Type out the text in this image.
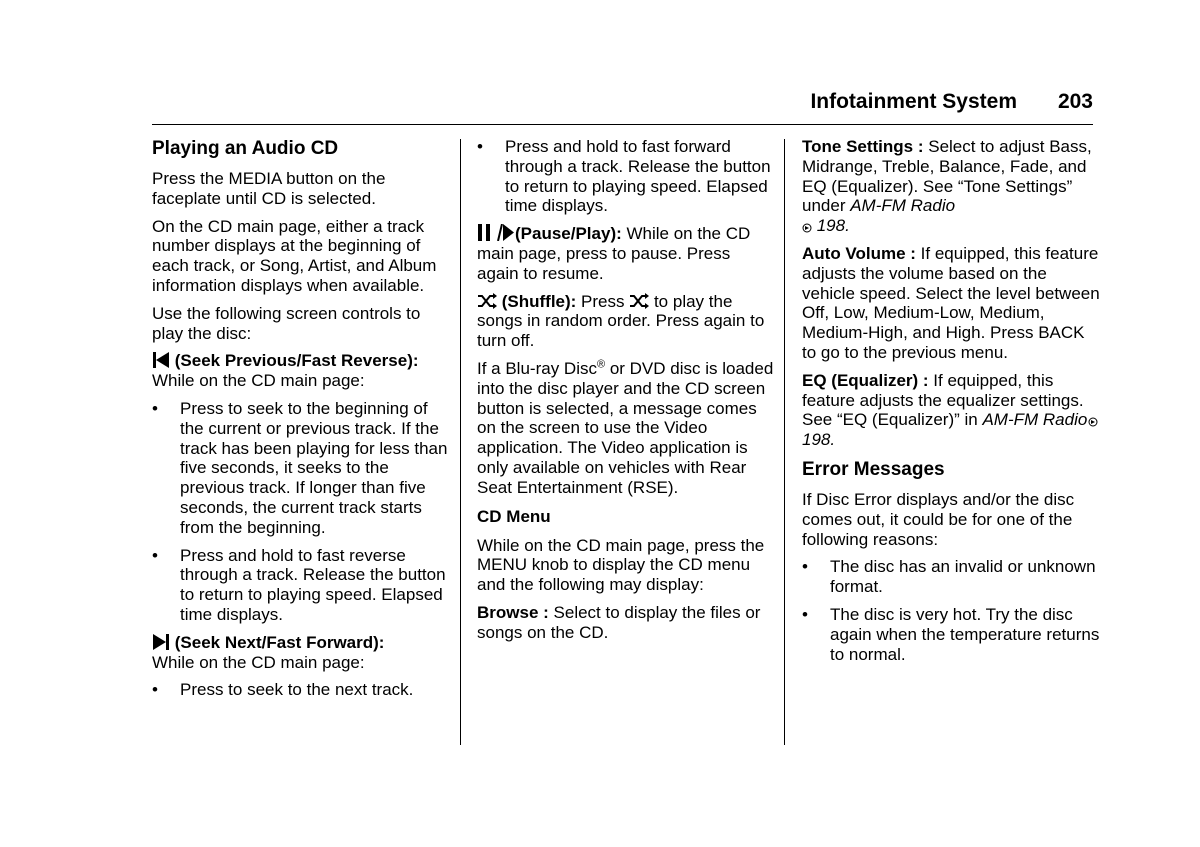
Infotainment System 203
Playing an Audio CD

Press the MEDIA button on the faceplate until CD is selected.

On the CD main page, either a track number displays at the beginning of each track, or Song, Artist, and Album information displays when available.

Use the following screen controls to play the disc:

(Seek Previous/Fast Reverse):
While on the CD main page:

• Press to seek to the beginning of the current or previous track. If the track has been playing for less than five seconds, it seeks to the previous track. If longer than five seconds, the current track starts from the beginning.
• Press and hold to fast reverse through a track. Release the button to return to playing speed. Elapsed time displays.

(Seek Next/Fast Forward):
While on the CD main page:

• Press to seek to the next track.
• Press and hold to fast forward through a track. Release the button to return to playing speed. Elapsed time displays.

(Pause/Play): While on the CD main page, press to pause. Press again to resume.

(Shuffle): Press  to play the songs in random order. Press again to turn off.

If a Blu-ray Disc® or DVD disc is loaded into the disc player and the CD screen button is selected, a message comes on the screen to use the Video application. The Video application is only available on vehicles with Rear Seat Entertainment (RSE).

CD Menu

While on the CD main page, press the MENU knob to display the CD menu and the following may display:

Browse : Select to display the files or songs on the CD.

Tone Settings : Select to adjust Bass, Midrange, Treble, Balance, Fade, and EQ (Equalizer). See “Tone Settings” under AM-FM Radio
198.

Auto Volume : If equipped, this feature adjusts the volume based on the vehicle speed. Select the level between Off, Low, Medium-Low, Medium, Medium-High, and High. Press BACK to go to the previous menu.

EQ (Equalizer) : If equipped, this feature adjusts the equalizer settings. See “EQ (Equalizer)” in AM-FM Radio 198.

Error Messages

If Disc Error displays and/or the disc comes out, it could be for one of the following reasons:

• The disc has an invalid or unknown format.
• The disc is very hot. Try the disc again when the temperature returns to normal.
